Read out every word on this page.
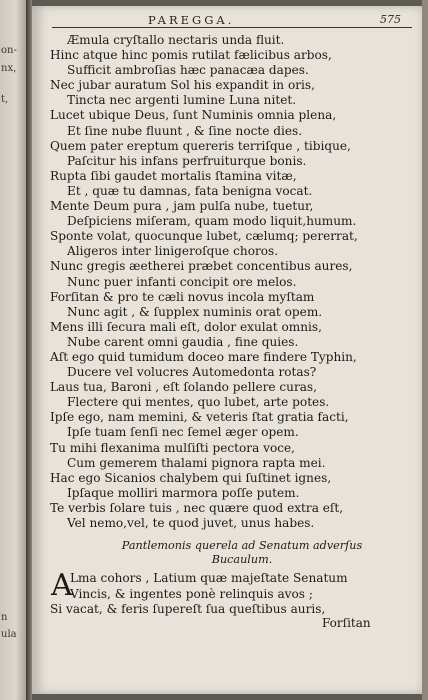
on-
nx,
t,
n
ula
PAREGGA.	575
Æmula cryſtallo nectaris unda fluit.
Hinc atque hinc pomis rutilat fælicibus arbos,
Sufficit ambroſias hæc panacæa dapes.
Nec jubar auratum Sol his expandit in oris,
Tincta nec argenti lumine Luna nitet.
Lucet ubique Deus, ſunt Numinis omnia plena,
Et ſine nube fluunt , & ſine nocte dies.
Quem pater ereptum quereris terriſque , tibique,
Paſcitur his infans perfruiturque bonis.
Rupta ſibi gaudet mortalis ſtamina vitæ,
Et , quæ tu damnas, fata benigna vocat.
Mente Deum pura , jam pulſa nube, tuetur,
Deſpiciens miſeram, quam modo liquit,humum.
Sponte volat, quocunque lubet, cælumq; pererrat,
Aligeros inter linigeroſque choros.
Nunc gregis æetherei præbet concentibus aures,
Nunc puer infanti concipit ore melos.
Forſitan & pro te cæli novus incola myſtam
Nunc agit , & ſupplex numinis orat opem.
Mens illi ſecura mali eſt, dolor exulat omnis,
Nube carent omni gaudia , fine quies.
Aſt ego quid tumidum doceo mare findere Typhin,
Ducere vel volucres Automedonta rotas?
Laus tua, Baroni , eſt ſolando pellere curas,
Flectere qui mentes, quo lubet, arte potes.
Ipſe ego, nam memini, & veteris ſtat gratia facti,
Ipſe tuam ſenſi nec ſemel æger opem.
Tu mihi flexanima mulſiſti pectora voce,
Cum gemerem thalami pignora rapta mei.
Hac ego Sicanios chalybem qui ſuſtinet ignes,
Ipſaque molliri marmora poſſe putem.
Te verbis ſolare tuis , nec quære quod extra eſt,
Vel nemo,vel, te quod juvet, unus habes.
Pantlemonis querela ad Senatum adverſus
Bucaulum.
A
Lma cohors , Latium quæ majeſtate Senatum
Vincis, & ingentes ponè relinquis avos ;
Si vacat, & feris ſupereſt ſua queſtibus auris,
Forſitan
